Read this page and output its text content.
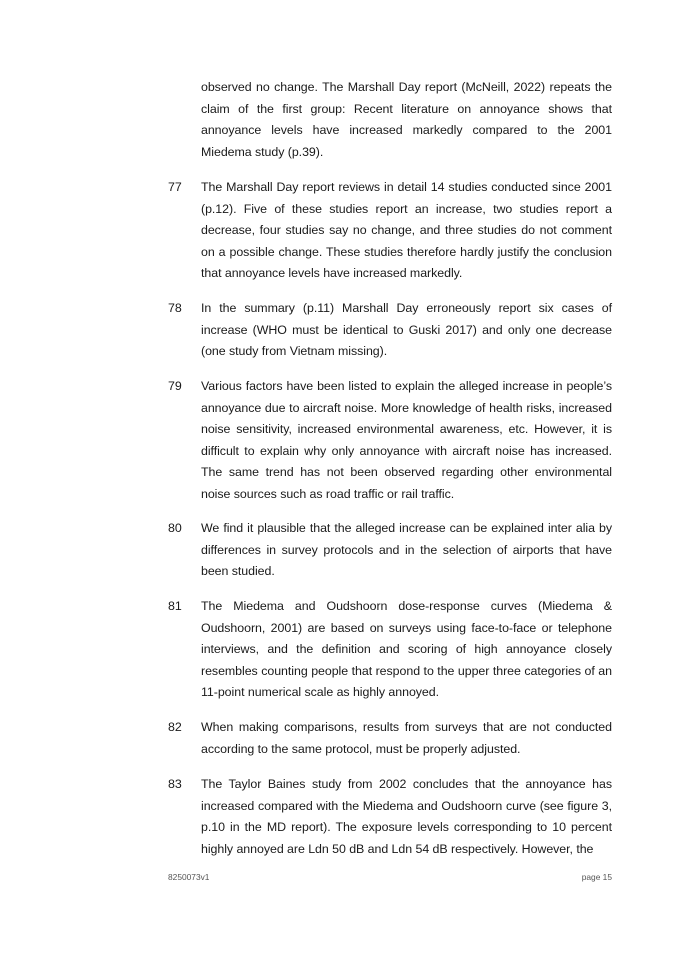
observed no change. The Marshall Day report (McNeill, 2022) repeats the claim of the first group: Recent literature on annoyance shows that annoyance levels have increased markedly compared to the 2001 Miedema study (p.39).
77 The Marshall Day report reviews in detail 14 studies conducted since 2001 (p.12). Five of these studies report an increase, two studies report a decrease, four studies say no change, and three studies do not comment on a possible change. These studies therefore hardly justify the conclusion that annoyance levels have increased markedly.
78 In the summary (p.11) Marshall Day erroneously report six cases of increase (WHO must be identical to Guski 2017) and only one decrease (one study from Vietnam missing).
79 Various factors have been listed to explain the alleged increase in people’s annoyance due to aircraft noise. More knowledge of health risks, increased noise sensitivity, increased environmental awareness, etc. However, it is difficult to explain why only annoyance with aircraft noise has increased. The same trend has not been observed regarding other environmental noise sources such as road traffic or rail traffic.
80 We find it plausible that the alleged increase can be explained inter alia by differences in survey protocols and in the selection of airports that have been studied.
81 The Miedema and Oudshoorn dose-response curves (Miedema & Oudshoorn, 2001) are based on surveys using face-to-face or telephone interviews, and the definition and scoring of high annoyance closely resembles counting people that respond to the upper three categories of an 11-point numerical scale as highly annoyed.
82 When making comparisons, results from surveys that are not conducted according to the same protocol, must be properly adjusted.
83 The Taylor Baines study from 2002 concludes that the annoyance has increased compared with the Miedema and Oudshoorn curve (see figure 3, p.10 in the MD report). The exposure levels corresponding to 10 percent highly annoyed are Ldn 50 dB and Ldn 54 dB respectively. However, the
8250073v1	page 15
